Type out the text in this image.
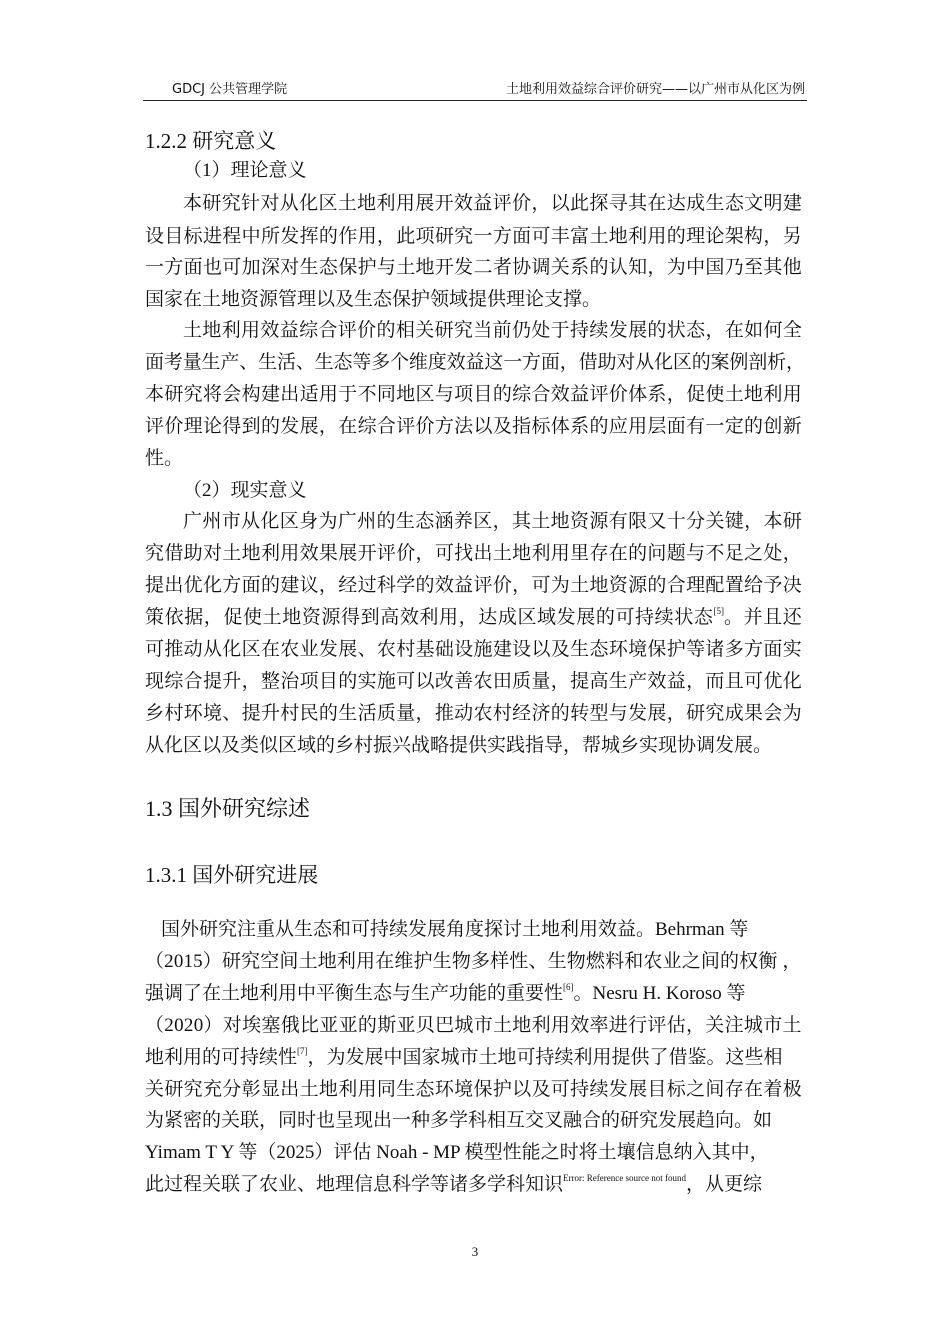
GDCJ 公共管理学院	土地利用效益综合评价研究——以广州市从化区为例
1.2.2 研究意义
1.3 国外研究综述
1.3.1 国外研究进展
（1）理论意义
本研究针对从化区土地利用展开效益评价，以此探寻其在达成生态文明建
设目标进程中所发挥的作用，此项研究一方面可丰富土地利用的理论架构，另
一方面也可加深对生态保护与土地开发二者协调关系的认知，为中国乃至其他
国家在土地资源管理以及生态保护领域提供理论支撑。
土地利用效益综合评价的相关研究当前仍处于持续发展的状态，在如何全
面考量生产、生活、生态等多个维度效益这一方面，借助对从化区的案例剖析，
本研究将会构建出适用于不同地区与项目的综合效益评价体系，促使土地利用
评价理论得到的发展，在综合评价方法以及指标体系的应用层面有一定的创新
性。
（2）现实意义
广州市从化区身为广州的生态涵养区，其土地资源有限又十分关键，本研
究借助对土地利用效果展开评价，可找出土地利用里存在的问题与不足之处，
提出优化方面的建议，经过科学的效益评价，可为土地资源的合理配置给予决
策依据，促使土地资源得到高效利用，达成区域发展的可持续状态[5]。并且还
可推动从化区在农业发展、农村基础设施建设以及生态环境保护等诸多方面实
现综合提升，整治项目的实施可以改善农田质量，提高生产效益，而且可优化
乡村环境、提升村民的生活质量，推动农村经济的转型与发展，研究成果会为
从化区以及类似区域的乡村振兴战略提供实践指导，帮城乡实现协调发展。
国外研究注重从生态和可持续发展角度探讨土地利用效益。Behrman 等
（2015）研究空间土地利用在维护生物多样性、生物燃料和农业之间的权衡 ，
强调了在土地利用中平衡生态与生产功能的重要性[6]。Nesru H. Koroso 等
（2020）对埃塞俄比亚亚的斯亚贝巴城市土地利用效率进行评估，关注城市土
地利用的可持续性[7]，为发展中国家城市土地可持续利用提供了借鉴。这些相
关研究充分彰显出土地利用同生态环境保护以及可持续发展目标之间存在着极
为紧密的关联，同时也呈现出一种多学科相互交叉融合的研究发展趋向。如
Yimam T Y 等（2025）评估 Noah - MP 模型性能之时将土壤信息纳入其中，
此过程关联了农业、地理信息科学等诸多学科知识$^{Error: Reference source not found}$，从更综
3
